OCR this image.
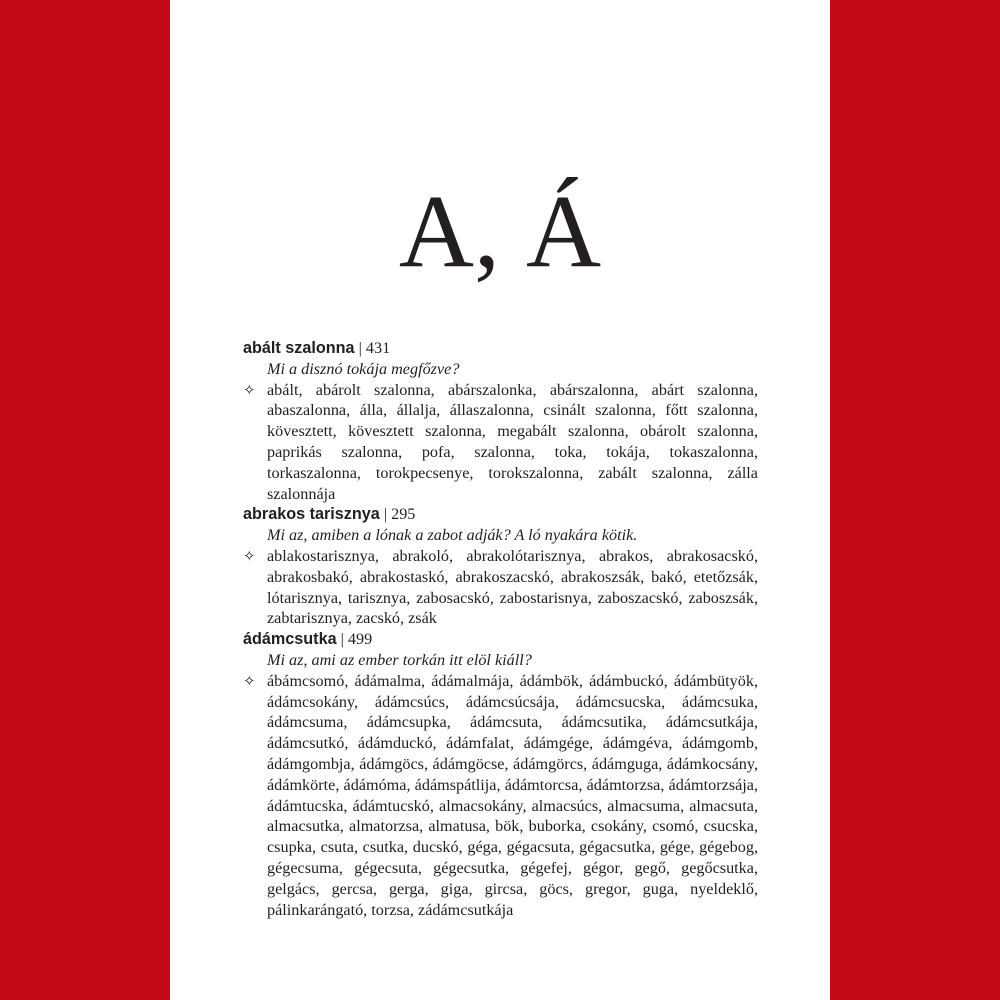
A, Á
abált szalonna | 431
Mi a disznó tokája megfőzve?
✧ abált, abárolt szalonna, abárszalonka, abárszalonna, abárt szalonna, abaszalonna, álla, állalja, állaszalonna, csinált szalonna, főtt szalonna, kövesztett, kövesztett szalonna, megabált szalonna, obárolt szalonna, paprikás szalonna, pofa, szalonna, toka, tokája, tokaszalonna, torkaszalonna, torokpecsenye, torokszalonna, zabált szalonna, zálla szalonnája
abrakos tarisznya | 295
Mi az, amiben a lónak a zabot adják? A ló nyakára kötik.
✧ ablakostarisznya, abrakoló, abrakolótarisznya, abrakos, abrakosacskó, abrakosbakó, abrakostaskó, abrakoszacskó, abrakoszsák, bakó, etetőzsák, lótarisznya, tarisznya, zabosacskó, zabostarisnya, zaboszacskó, zaboszsák, zabtarisznya, zacskó, zsák
ádámcsutka | 499
Mi az, ami az ember torkán itt elöl kiáll?
✧ ábámcsomó, ádámalma, ádámalmája, ádámbök, ádámbuckó, ádámbütyök, ádámcsokány, ádámcsúcs, ádámcsúcsája, ádámcsucska, ádámcsuka, ádámcsuma, ádámcsupka, ádámcsuta, ádámcsutika, ádámcsutkája, ádámcsutkó, ádámduckó, ádámfalat, ádámgége, ádámgéva, ádámgomb, ádámgombja, ádámgöcs, ádámgöcse, ádámgörcs, ádámguga, ádámkocsány, ádámkörte, ádámóma, ádámspátlija, ádámtorcsa, ádámtorzsa, ádámtorzsája, ádámtucska, ádámtucskó, almacsokány, almacsúcs, almacsuma, almacsuta, almacsutka, almatorzsa, almatusa, bök, buborka, csokány, csomó, csucska, csupka, csuta, csutka, ducskó, géga, gégacsuta, gégacsutka, gége, gégebog, gégecsuma, gégecsuta, gégecsutka, gégefej, gégor, gegő, gegőcsutka, gelgács, gercsa, gerga, giga, gircsa, göcs, gregor, guga, nyeldeklő, pálinkarángató, torzsa, zádámcsutkája
